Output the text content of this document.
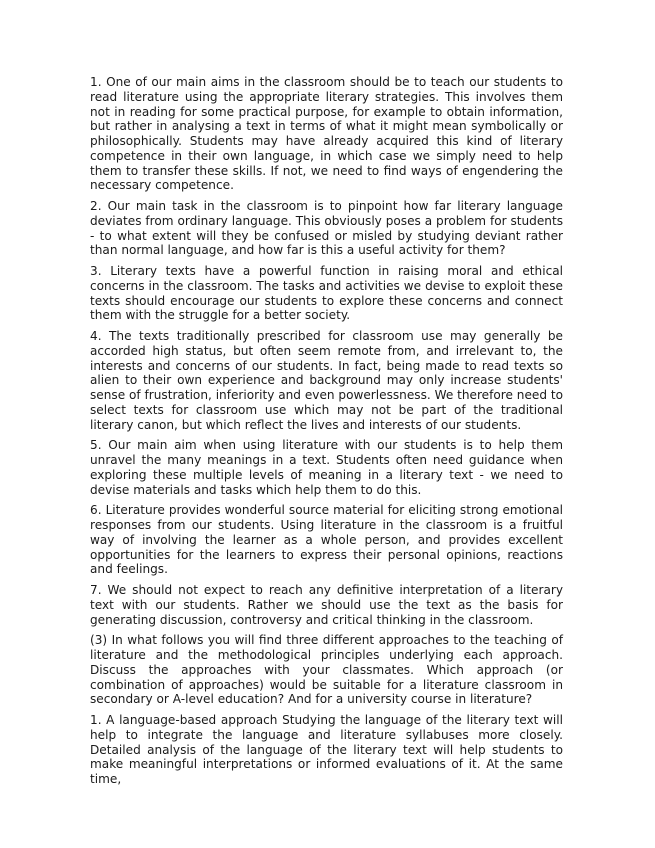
1. One of our main aims in the classroom should be to teach our students to read literature using the appropriate literary strategies. This involves them not in reading for some practical purpose, for example to obtain information, but rather in analysing a text in terms of what it might mean symbolically or philosophically. Students may have already acquired this kind of literary competence in their own language, in which case we simply need to help them to transfer these skills. If not, we need to find ways of engendering the necessary competence.

2. Our main task in the classroom is to pinpoint how far literary language deviates from ordinary language. This obviously poses a problem for students - to what extent will they be confused or misled by studying deviant rather than normal language, and how far is this a useful activity for them?

3. Literary texts have a powerful function in raising moral and ethical concerns in the classroom. The tasks and activities we devise to exploit these texts should encourage our students to explore these concerns and connect them with the struggle for a better society.

4. The texts traditionally prescribed for classroom use may generally be accorded high status, but often seem remote from, and irrelevant to, the interests and concerns of our students. In fact, being made to read texts so alien to their own experience and background may only increase students' sense of frustration, inferiority and even powerlessness. We therefore need to select texts for classroom use which may not be part of the traditional literary canon, but which reflect the lives and interests of our students.

5. Our main aim when using literature with our students is to help them unravel the many meanings in a text. Students often need guidance when exploring these multiple levels of meaning in a literary text - we need to devise materials and tasks which help them to do this.

6. Literature provides wonderful source material for eliciting strong emotional responses from our students. Using literature in the classroom is a fruitful way of involving the learner as a whole person, and provides excellent opportunities for the learners to express their personal opinions, reactions and feelings.

7. We should not expect to reach any definitive interpretation of a literary text with our students. Rather we should use the text as the basis for generating discussion, controversy and critical thinking in the classroom.

(3) In what follows you will find three different approaches to the teaching of literature and the methodological principles underlying each approach. Discuss the approaches with your classmates. Which approach (or combination of approaches) would be suitable for a literature classroom in secondary or A-level education? And for a university course in literature?

1. A language-based approach Studying the language of the literary text will help to integrate the language and literature syllabuses more closely. Detailed analysis of the language of the literary text will help students to make meaningful interpretations or informed evaluations of it. At the same time,
